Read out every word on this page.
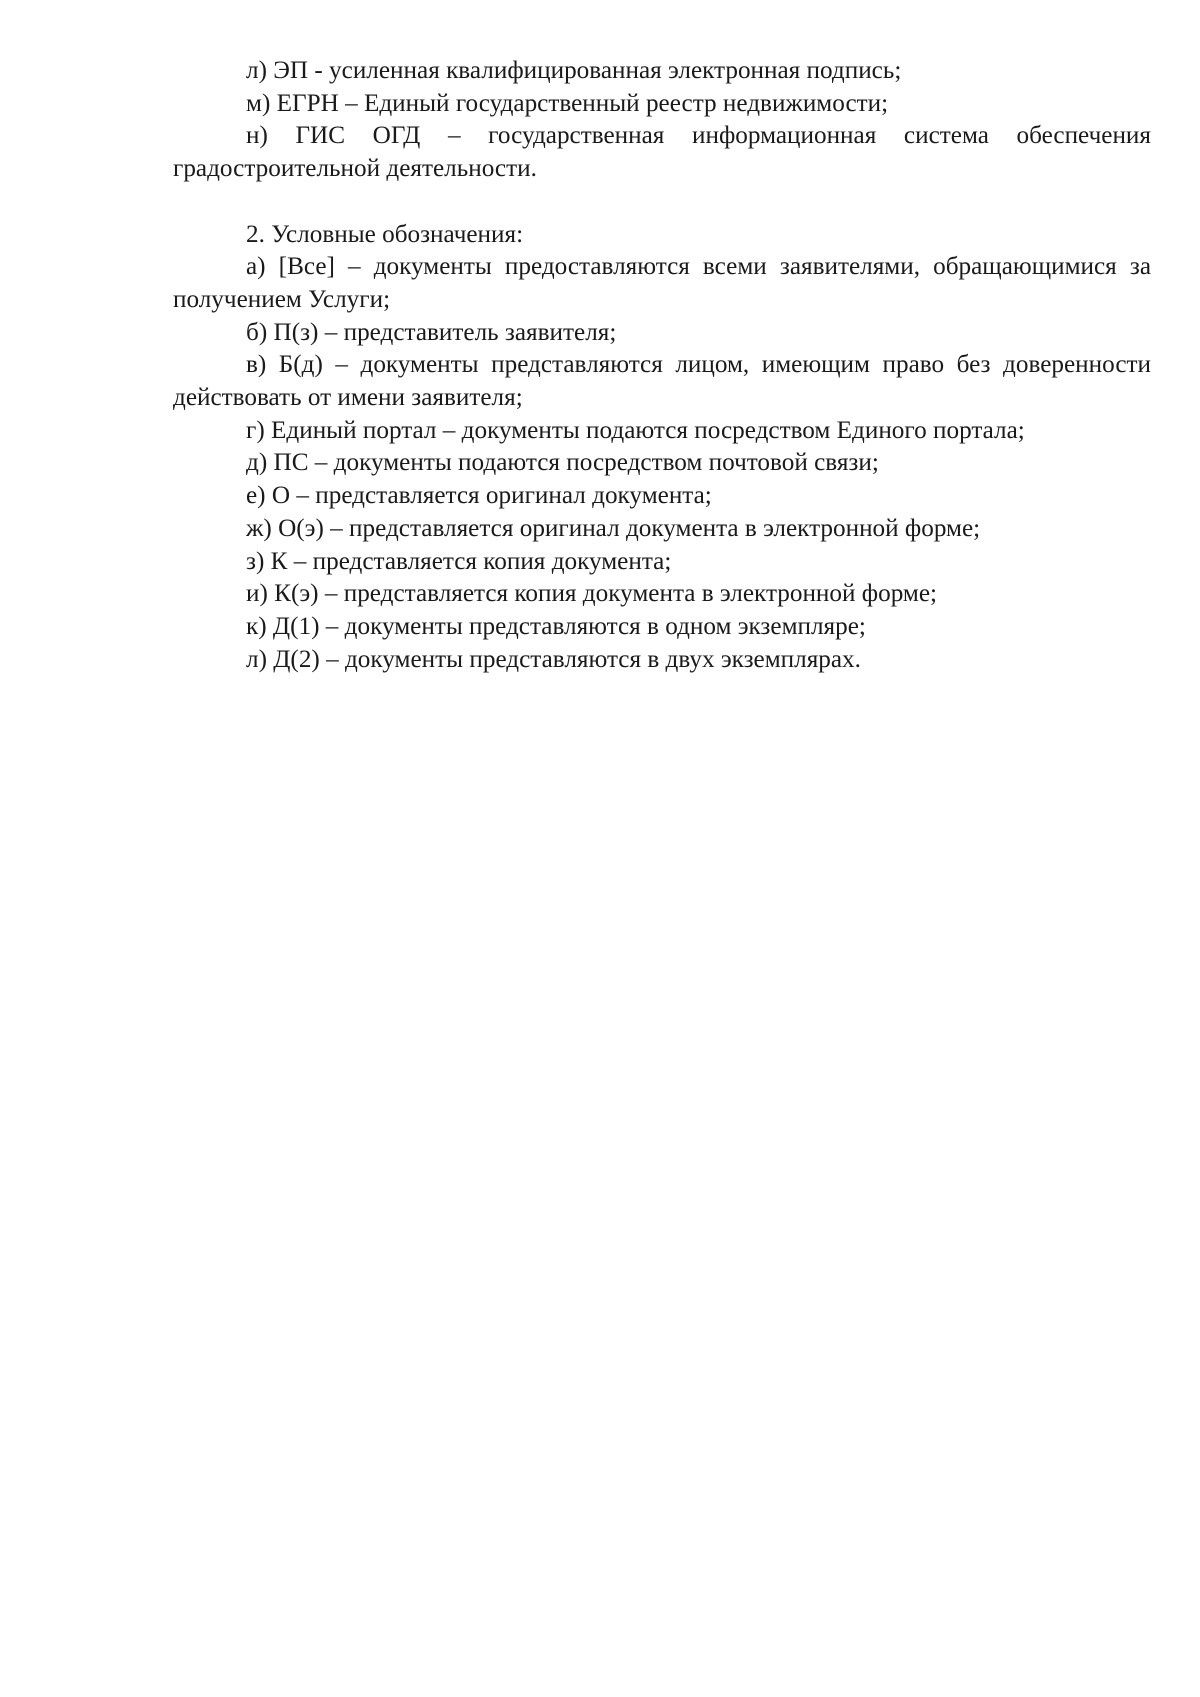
л) ЭП - усиленная квалифицированная электронная подпись;

м) ЕГРН – Единый государственный реестр недвижимости;

н) ГИС ОГД – государственная информационная система обеспечения градостроительной деятельности.

2. Условные обозначения:

а) [Все] – документы предоставляются всеми заявителями, обращающимися за получением Услуги;

б) П(з) – представитель заявителя;

в) Б(д) – документы представляются лицом, имеющим право без доверенности действовать от имени заявителя;

г) Единый портал – документы подаются посредством Единого портала;

д) ПС – документы подаются посредством почтовой связи;

е) О – представляется оригинал документа;

ж) О(э) – представляется оригинал документа в электронной форме;

з) К – представляется копия документа;

и) К(э) – представляется копия документа в электронной форме;

к) Д(1) – документы представляются в одном экземпляре;

л) Д(2) – документы представляются в двух экземплярах.
